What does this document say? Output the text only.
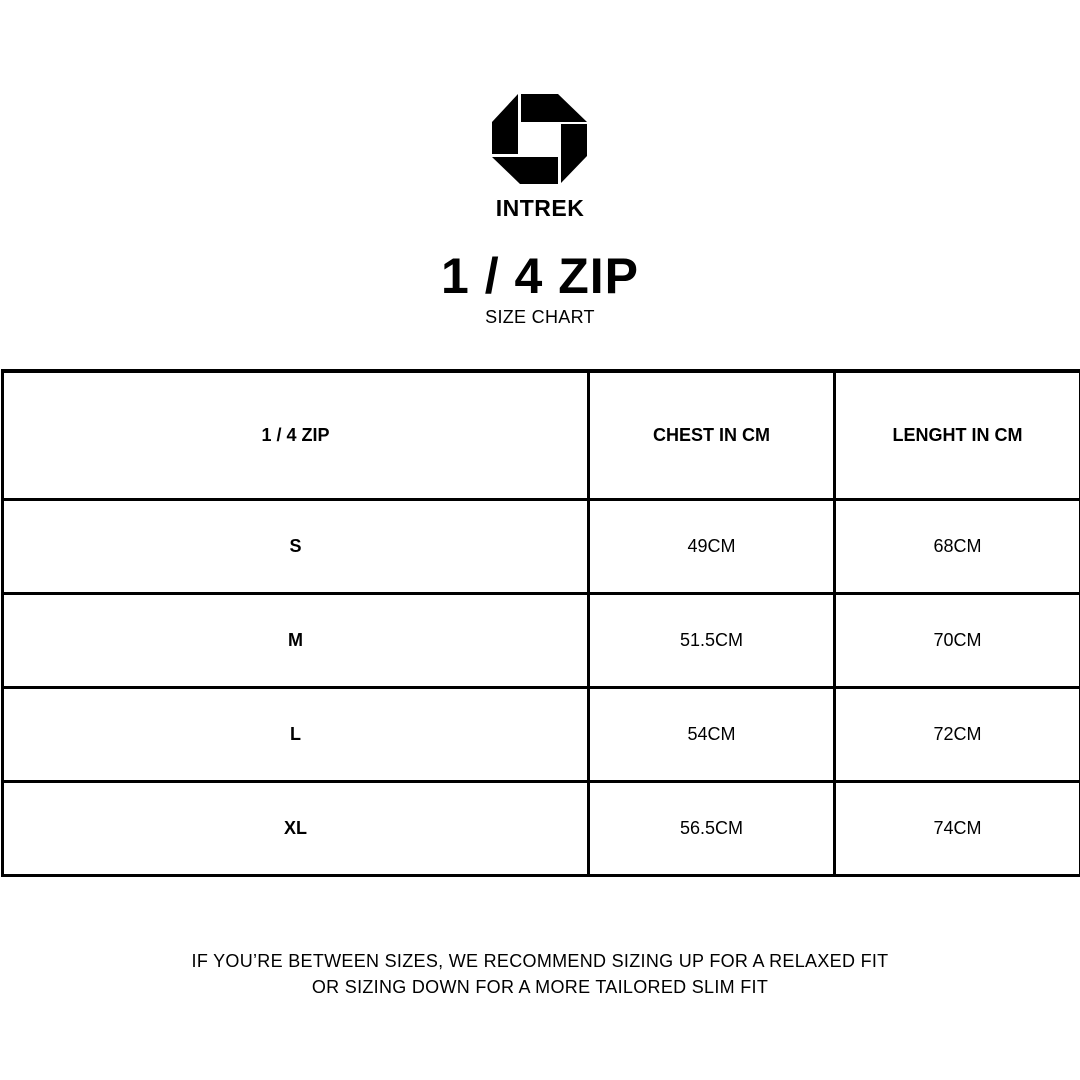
INTREK
1 / 4 ZIP
SIZE CHART
1 / 4 ZIP	CHEST IN CM	LENGHT IN CM
S	49CM	68CM
M	51.5CM	70CM
L	54CM	72CM
XL	56.5CM	74CM
IF YOU’RE BETWEEN SIZES, WE RECOMMEND SIZING UP FOR A RELAXED FIT
OR SIZING DOWN FOR A MORE TAILORED SLIM FIT
